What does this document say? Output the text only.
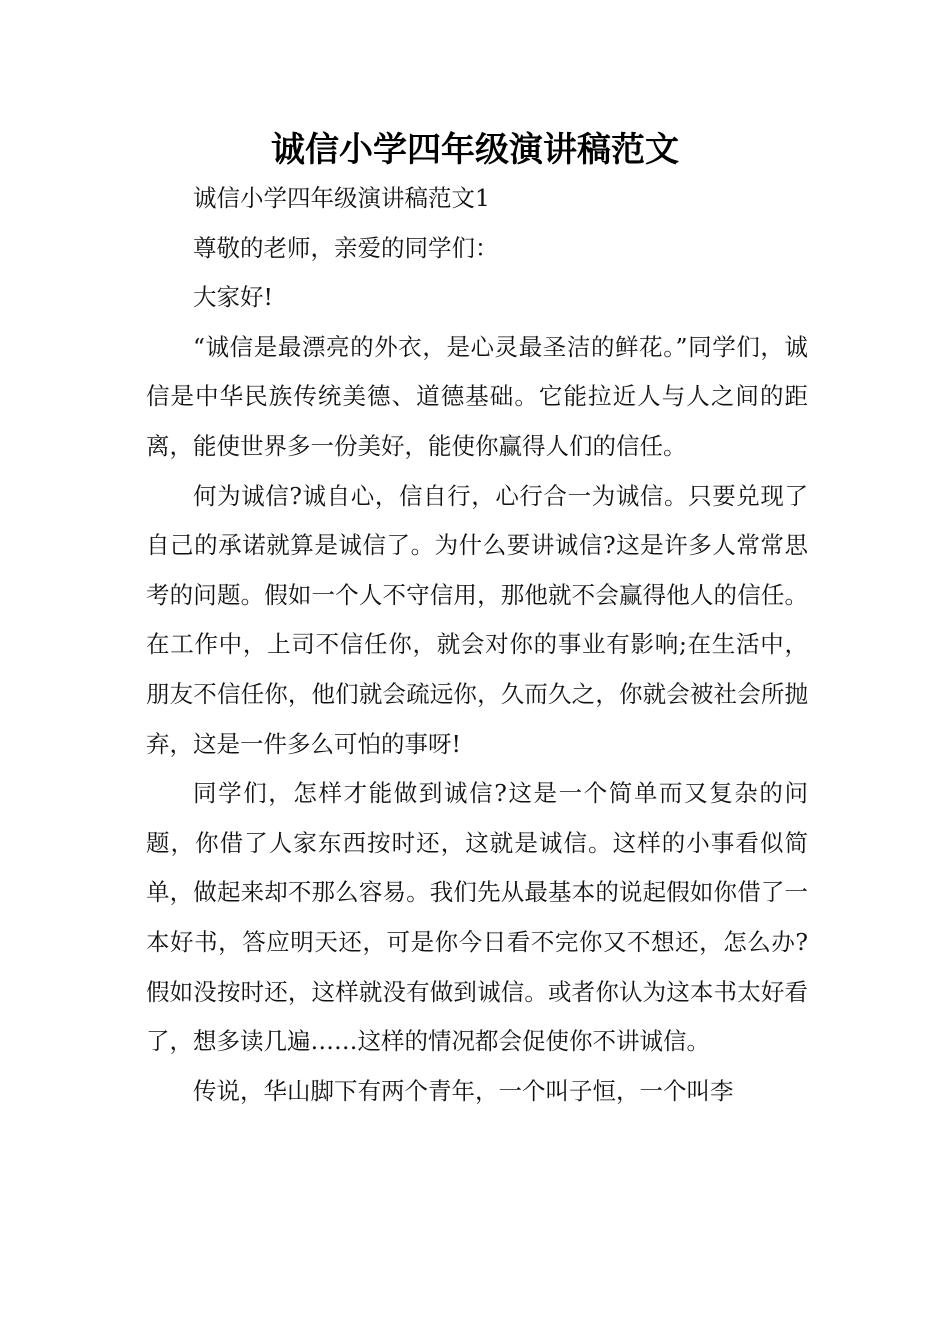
诚信小学四年级演讲稿范文

诚信小学四年级演讲稿范文1

尊敬的老师，亲爱的同学们：

大家好!

“诚信是最漂亮的外衣，是心灵最圣洁的鲜花。”同学们，诚信是中华民族传统美德、道德基础。它能拉近人与人之间的距离，能使世界多一份美好，能使你赢得人们的信任。

何为诚信?诚自心，信自行，心行合一为诚信。只要兑现了自己的承诺就算是诚信了。为什么要讲诚信?这是许多人常常思考的问题。假如一个人不守信用，那他就不会赢得他人的信任。在工作中，上司不信任你，就会对你的事业有影响;在生活中，朋友不信任你，他们就会疏远你，久而久之，你就会被社会所抛弃，这是一件多么可怕的事呀!

同学们，怎样才能做到诚信?这是一个简单而又复杂的问题，你借了人家东西按时还，这就是诚信。这样的小事看似简单，做起来却不那么容易。我们先从最基本的说起假如你借了一本好书，答应明天还，可是你今日看不完你又不想还，怎么办?假如没按时还，这样就没有做到诚信。或者你认为这本书太好看了，想多读几遍……这样的情况都会促使你不讲诚信。

传说，华山脚下有两个青年，一个叫子恒，一个叫李
